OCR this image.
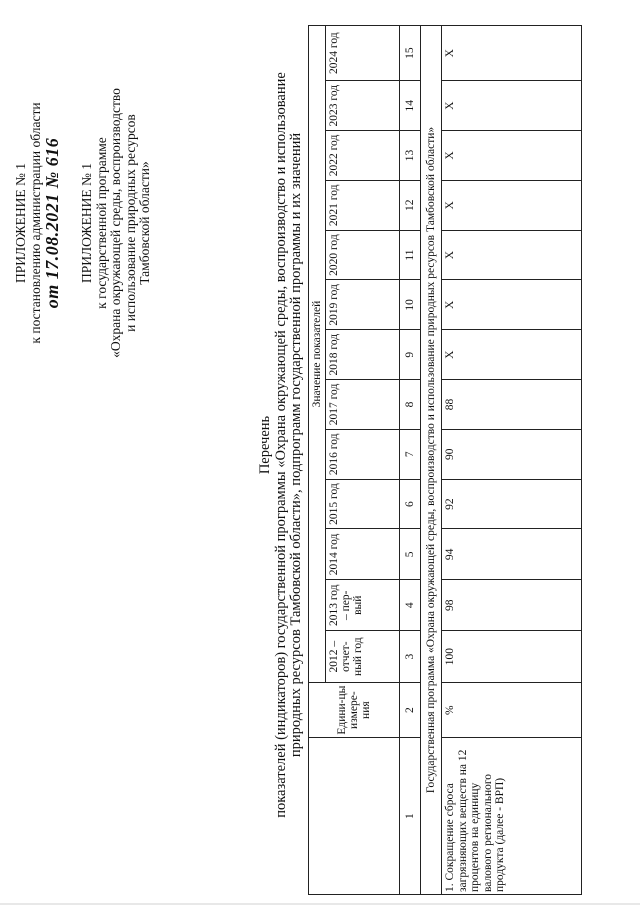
ПРИЛОЖЕНИЕ № 1 к постановлению администрации области от 17.08.2021 № 616 ПРИЛОЖЕНИЕ № 1 к государственной программе «Охрана окружающей среды, воспроизводство и использование природных ресурсов Тамбовской области»
Перечень показателей (индикаторов) государственной программы «Охрана окружающей среды, воспроизводство и использование природных ресурсов Тамбовской области», подпрограмм государственной программы и их значений
		Едини-цы измере-ния	Значение показателей												
		2012 – отчет-ный год	2013 год – пер-вый	2014 год	2015 год	2016 год	2017 год	2018 год	2019 год	2020 год	2021 год	2022 год	2023 год	2024 год
1	2	3	4	5	6	7	8	9	10	11	12	13	14	15
Государственная программа «Охрана окружающей среды, воспроизводство и использование природных ресурсов Тамбовской области»														
1. Сокращение сброса загрязняющих веществ на 12 процентов на единицу валового регионального продукта (далее - ВРП)	%	100	98	94	92	90	88	Х	Х	Х	Х	Х	Х	Х
